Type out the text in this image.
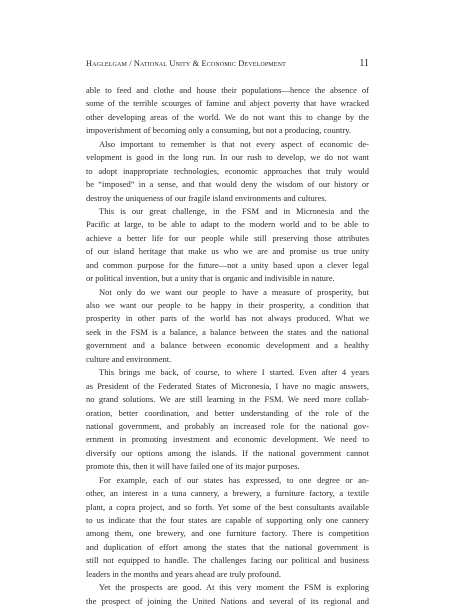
Haglelgam / National Unity & Economic Development	11
able to feed and clothe and house their populations—hence the absence of
some of the terrible scourges of famine and abject poverty that have wracked
other developing areas of the world. We do not want this to change by the
impoverishment of becoming only a consuming, but not a producing, country.
Also important to remember is that not every aspect of economic de-
velopment is good in the long run. In our rush to develop, we do not want
to adopt inappropriate technologies, economic approaches that truly would
be “imposed” in a sense, and that would deny the wisdom of our history or
destroy the uniqueness of our fragile island environments and cultures.
This is our great challenge, in the FSM and in Micronesia and the
Pacific at large, to be able to adapt to the modern world and to be able to
achieve a better life for our people while still preserving those attributes
of our island heritage that make us who we are and promise us true unity
and common purpose for the future—not a unity based upon a clever legal
or political invention, but a unity that is organic and indivisible in nature.
Not only do we want our people to have a measure of prosperity, but
also we want our people to be happy in their prosperity, a condition that
prosperity in other parts of the world has not always produced. What we
seek in the FSM is a balance, a balance between the states and the national
government and a balance between economic development and a healthy
culture and environment.
This brings me back, of course, to where I started. Even after 4 years
as President of the Federated States of Micronesia, I have no magic answers,
no grand solutions. We are still learning in the FSM. We need more collab-
oration, better coordination, and better understanding of the role of the
national government, and probably an increased role for the national gov-
ernment in promoting investment and economic development. We need to
diversify our options among the islands. If the national government cannot
promote this, then it will have failed one of its major purposes.
For example, each of our states has expressed, to one degree or an-
other, an interest in a tuna cannery, a brewery, a furniture factory, a textile
plant, a copra project, and so forth. Yet some of the best consultants available
to us indicate that the four states are capable of supporting only one cannery
among them, one brewery, and one furniture factory. There is competition
and duplication of effort among the states that the national government is
still not equipped to handle. The challenges facing our political and business
leaders in the months and years ahead are truly profound.
Yet the prospects are good. At this very moment the FSM is exploring
the prospect of joining the United Nations and several of its regional and
